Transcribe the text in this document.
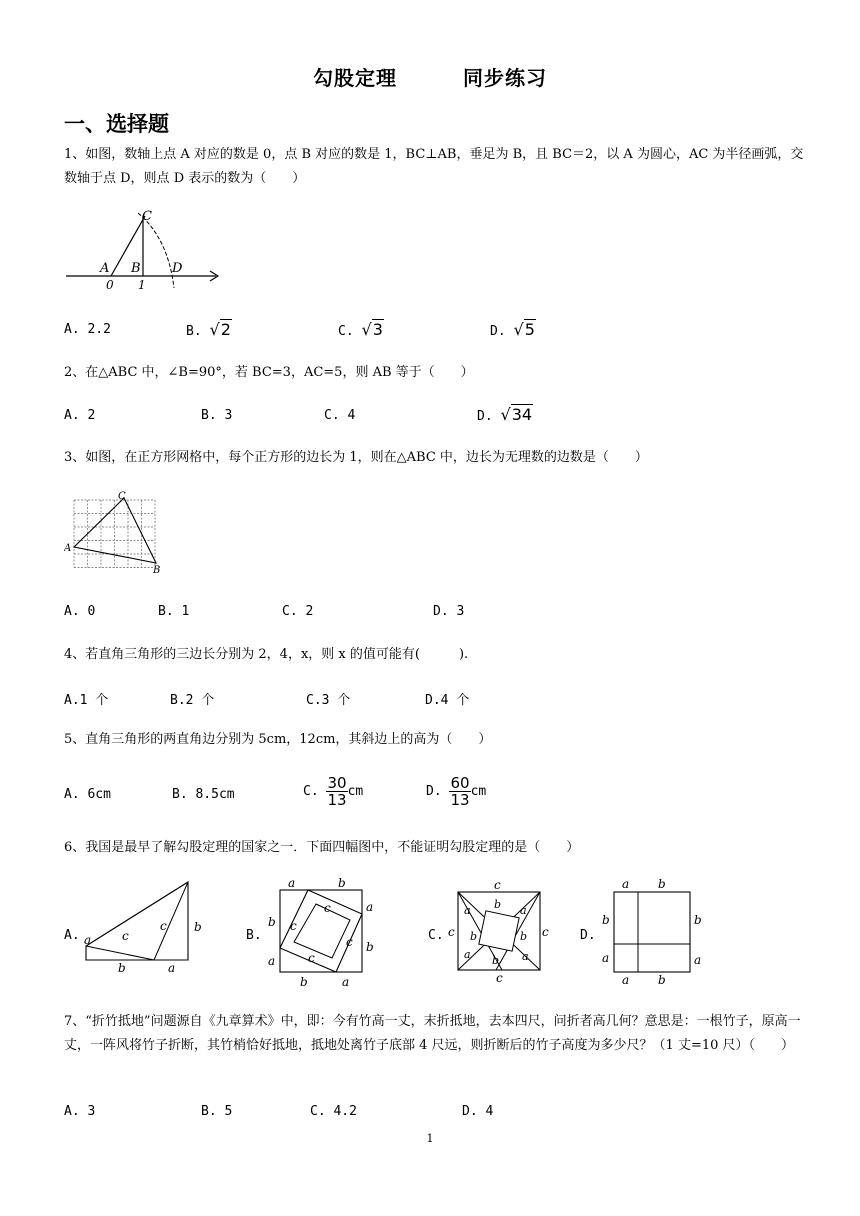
勾股定理	同步练习
一、选择题
1、如图，数轴上点 A 对应的数是 0，点 B 对应的数是 1，BC⊥AB，垂足为 B，且 BC＝2，以 A 为圆心，AC 为半径画弧，交数轴于点 D，则点 D 表示的数为（　　）
C
A B D
0 1
A. 2.2	B. √2	C. √3	D. √5
2、在△ABC 中，∠B=90°，若 BC=3，AC=5，则 AB 等于（　　）
A. 2	B. 3	C. 4	D. √34
3、如图，在正方形网格中，每个正方形的边长为 1，则在△ABC 中，边长为无理数的边数是（　　）
C
A
B
A. 0	B. 1	C. 2	D. 3
4、若直角三角形的三边长分别为 2，4，x，则 x 的值可能有(　　　).
A.1 个	B.2 个	C.3 个	D.4 个
5、直角三角形的两直角边分别为 5cm，12cm，其斜边上的高为（　　）
A. 6cm	B. 8.5cm	C. $\frac{30}{13}$ cm	D. $\frac{60}{13}$ cm
6、我国是最早了解勾股定理的国家之一．下面四幅图中，不能证明勾股定理的是（　　）
A. a	c
c b
b	a
B.
a	b
a
b
a
b
a
b
c
c
c
c
C.
c
c
c	c
a b a
b	b
a b a
D.
a b
b	b
a	a
a b
7、“折竹抵地”问题源自《九章算术》中，即：今有竹高一丈，末折抵地，去本四尺，问折者高几何？意思是：一根竹子，原高一丈，一阵风将竹子折断，其竹梢恰好抵地，抵地处离竹子底部 4 尺远，则折断后的竹子高度为多少尺？（1 丈=10 尺）（　　）
A. 3	B. 5	C. 4.2	D. 4
1
